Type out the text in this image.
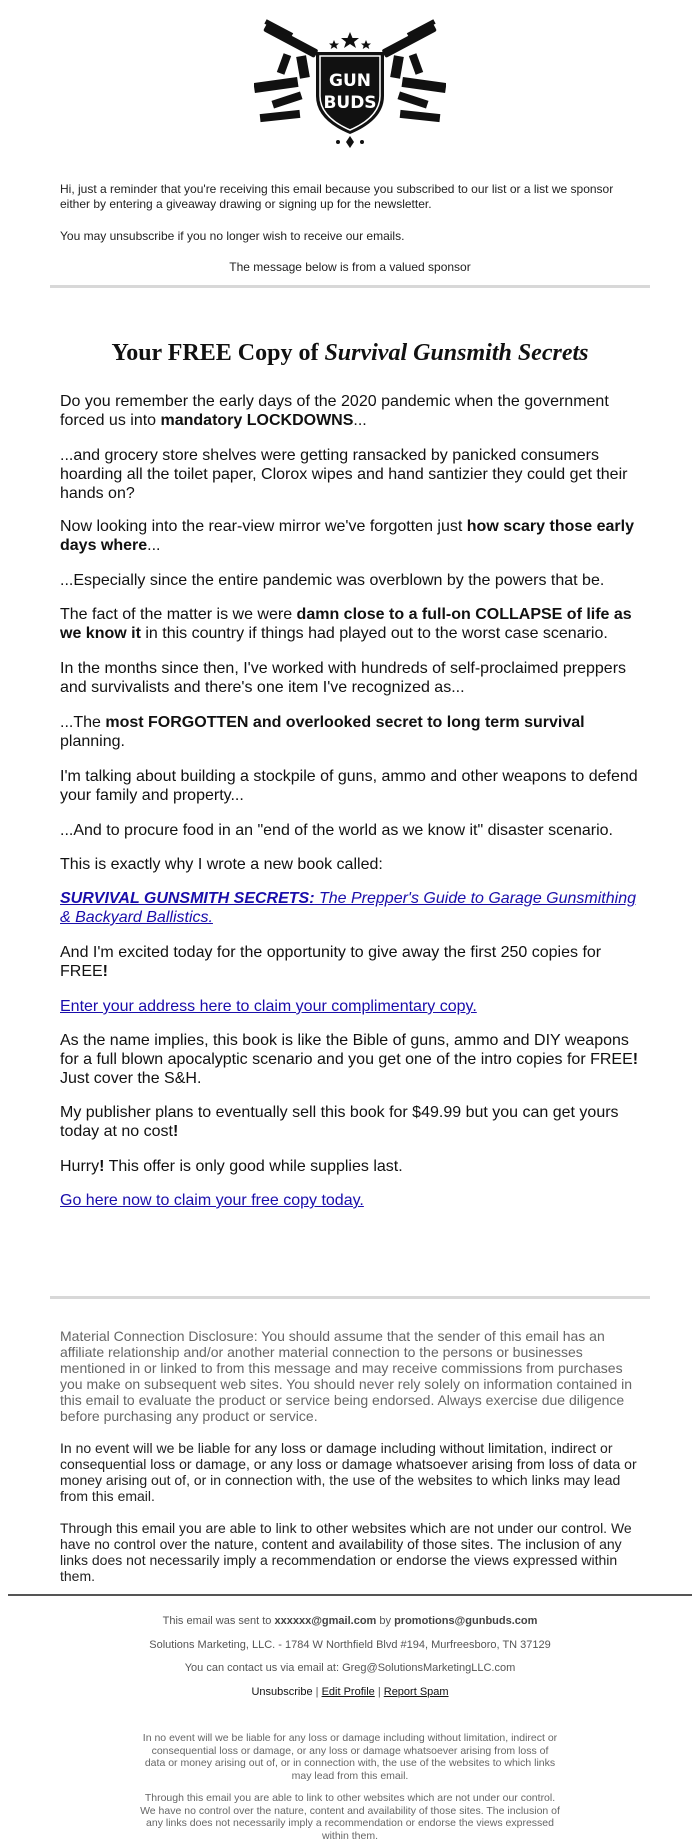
GUN
BUDS
Hi, just a reminder that you're receiving this email because you subscribed to our list or a list we sponsor either by entering a giveaway drawing or signing up for the newsletter.
You may unsubscribe if you no longer wish to receive our emails.
The message below is from a valued sponsor
Your FREE Copy of Survival Gunsmith Secrets
Do you remember the early days of the 2020 pandemic when the government forced us into mandatory LOCKDOWNS...
...and grocery store shelves were getting ransacked by panicked consumers hoarding all the toilet paper, Clorox wipes and hand santizier they could get their hands on?
Now looking into the rear-view mirror we've forgotten just how scary those early days where...
...Especially since the entire pandemic was overblown by the powers that be.
The fact of the matter is we were damn close to a full-on COLLAPSE of life as we know it in this country if things had played out to the worst case scenario.
In the months since then, I've worked with hundreds of self-proclaimed preppers and survivalists and there's one item I've recognized as...
...The most FORGOTTEN and overlooked secret to long term survival planning.
I'm talking about building a stockpile of guns, ammo and other weapons to defend your family and property...
...And to procure food in an "end of the world as we know it" disaster scenario.
This is exactly why I wrote a new book called:
SURVIVAL GUNSMITH SECRETS: The Prepper's Guide to Garage Gunsmithing & Backyard Ballistics.
And I'm excited today for the opportunity to give away the first 250 copies for FREE!
Enter your address here to claim your complimentary copy.
As the name implies, this book is like the Bible of guns, ammo and DIY weapons for a full blown apocalyptic scenario and you get one of the intro copies for FREE! Just cover the S&H.
My publisher plans to eventually sell this book for $49.99 but you can get yours today at no cost!
Hurry! This offer is only good while supplies last.
Go here now to claim your free copy today.
Material Connection Disclosure: You should assume that the sender of this email has an affiliate relationship and/or another material connection to the persons or businesses mentioned in or linked to from this message and may receive commissions from purchases you make on subsequent web sites. You should never rely solely on information contained in this email to evaluate the product or service being endorsed. Always exercise due diligence before purchasing any product or service.
In no event will we be liable for any loss or damage including without limitation, indirect or consequential loss or damage, or any loss or damage whatsoever arising from loss of data or money arising out of, or in connection with, the use of the websites to which links may lead from this email.
Through this email you are able to link to other websites which are not under our control. We have no control over the nature, content and availability of those sites. The inclusion of any links does not necessarily imply a recommendation or endorse the views expressed within them.
This email was sent to xxxxxx@gmail.com by promotions@gunbuds.com
Solutions Marketing, LLC. - 1784 W Northfield Blvd #194, Murfreesboro, TN 37129
You can contact us via email at: Greg@SolutionsMarketingLLC.com
Unsubscribe | Edit Profile | Report Spam
In no event will we be liable for any loss or damage including without limitation, indirect or consequential loss or damage, or any loss or damage whatsoever arising from loss of data or money arising out of, or in connection with, the use of the websites to which links may lead from this email.
Through this email you are able to link to other websites which are not under our control. We have no control over the nature, content and availability of those sites. The inclusion of any links does not necessarily imply a recommendation or endorse the views expressed within them.
